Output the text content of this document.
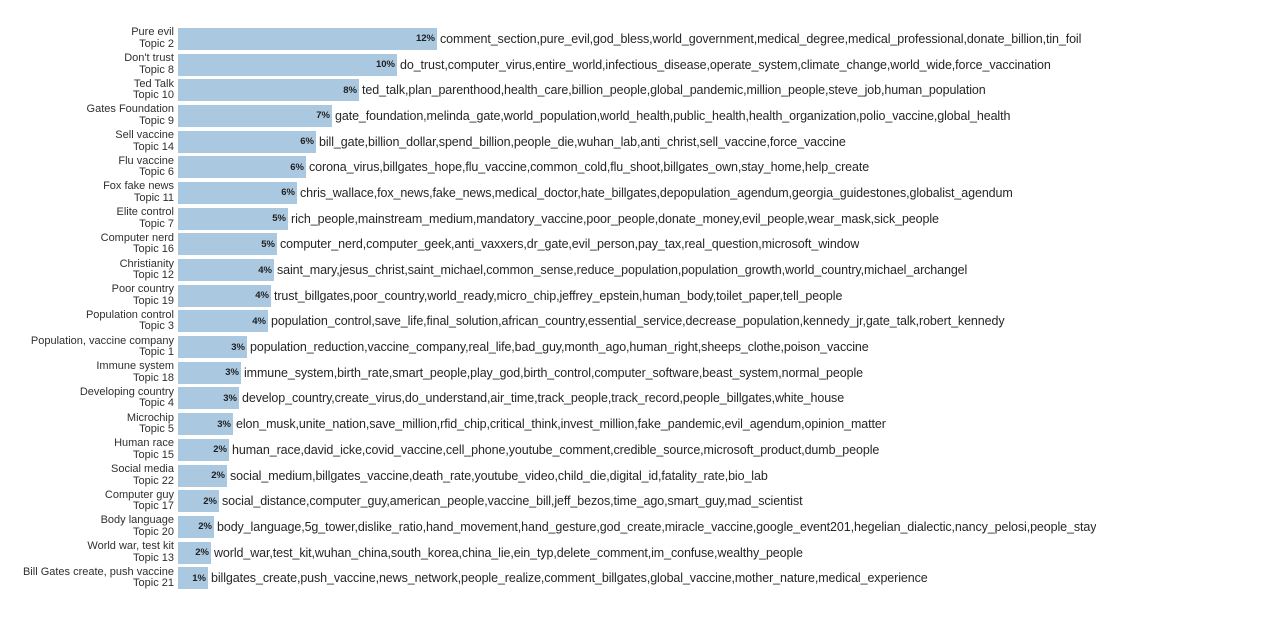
Pure evil
Topic 2	12% comment_section,pure_evil,god_bless,world_government,medical_degree,medical_professional,donate_billion,tin_foil
Don't trust
Topic 8	10% do_trust,computer_virus,entire_world,infectious_disease,operate_system,climate_change,world_wide,force_vaccination
Ted Talk
Topic 10	8% ted_talk,plan_parenthood,health_care,billion_people,global_pandemic,million_people,steve_job,human_population
Gates Foundation
Topic 9	7% gate_foundation,melinda_gate,world_population,world_health,public_health,health_organization,polio_vaccine,global_health
Sell vaccine
Topic 14	6% bill_gate,billion_dollar,spend_billion,people_die,wuhan_lab,anti_christ,sell_vaccine,force_vaccine
Flu vaccine
Topic 6	6% corona_virus,billgates_hope,flu_vaccine,common_cold,flu_shoot,billgates_own,stay_home,help_create
Fox fake news
Topic 11	6% chris_wallace,fox_news,fake_news,medical_doctor,hate_billgates,depopulation_agendum,georgia_guidestones,globalist_agendum
Elite control
Topic 7	5% rich_people,mainstream_medium,mandatory_vaccine,poor_people,donate_money,evil_people,wear_mask,sick_people
Computer nerd
Topic 16	5% computer_nerd,computer_geek,anti_vaxxers,dr_gate,evil_person,pay_tax,real_question,microsoft_window
Christianity
Topic 12	4% saint_mary,jesus_christ,saint_michael,common_sense,reduce_population,population_growth,world_country,michael_archangel
Poor country
Topic 19	4% trust_billgates,poor_country,world_ready,micro_chip,jeffrey_epstein,human_body,toilet_paper,tell_people
Population control
Topic 3	4% population_control,save_life,final_solution,african_country,essential_service,decrease_population,kennedy_jr,gate_talk,robert_kennedy
Population, vaccine company
Topic 1	3% population_reduction,vaccine_company,real_life,bad_guy,month_ago,human_right,sheeps_clothe,poison_vaccine
Immune system
Topic 18	3% immune_system,birth_rate,smart_people,play_god,birth_control,computer_software,beast_system,normal_people
Developing country
Topic 4	3% develop_country,create_virus,do_understand,air_time,track_people,track_record,people_billgates,white_house
Microchip
Topic 5	3% elon_musk,unite_nation,save_million,rfid_chip,critical_think,invest_million,fake_pandemic,evil_agendum,opinion_matter
Human race
Topic 15	2% human_race,david_icke,covid_vaccine,cell_phone,youtube_comment,credible_source,microsoft_product,dumb_people
Social media
Topic 22	2% social_medium,billgates_vaccine,death_rate,youtube_video,child_die,digital_id,fatality_rate,bio_lab
Computer guy
Topic 17	2% social_distance,computer_guy,american_people,vaccine_bill,jeff_bezos,time_ago,smart_guy,mad_scientist
Body language
Topic 20	2% body_language,5g_tower,dislike_ratio,hand_movement,hand_gesture,god_create,miracle_vaccine,google_event201,hegelian_dialectic,nancy_pelosi,people_stay
World war, test kit
Topic 13 2% world_war,test_kit,wuhan_china,south_korea,china_lie,ein_typ,delete_comment,im_confuse,wealthy_people
Bill Gates create, push vaccine
Topic 21 1% billgates_create,push_vaccine,news_network,people_realize,comment_billgates,global_vaccine,mother_nature,medical_experience
